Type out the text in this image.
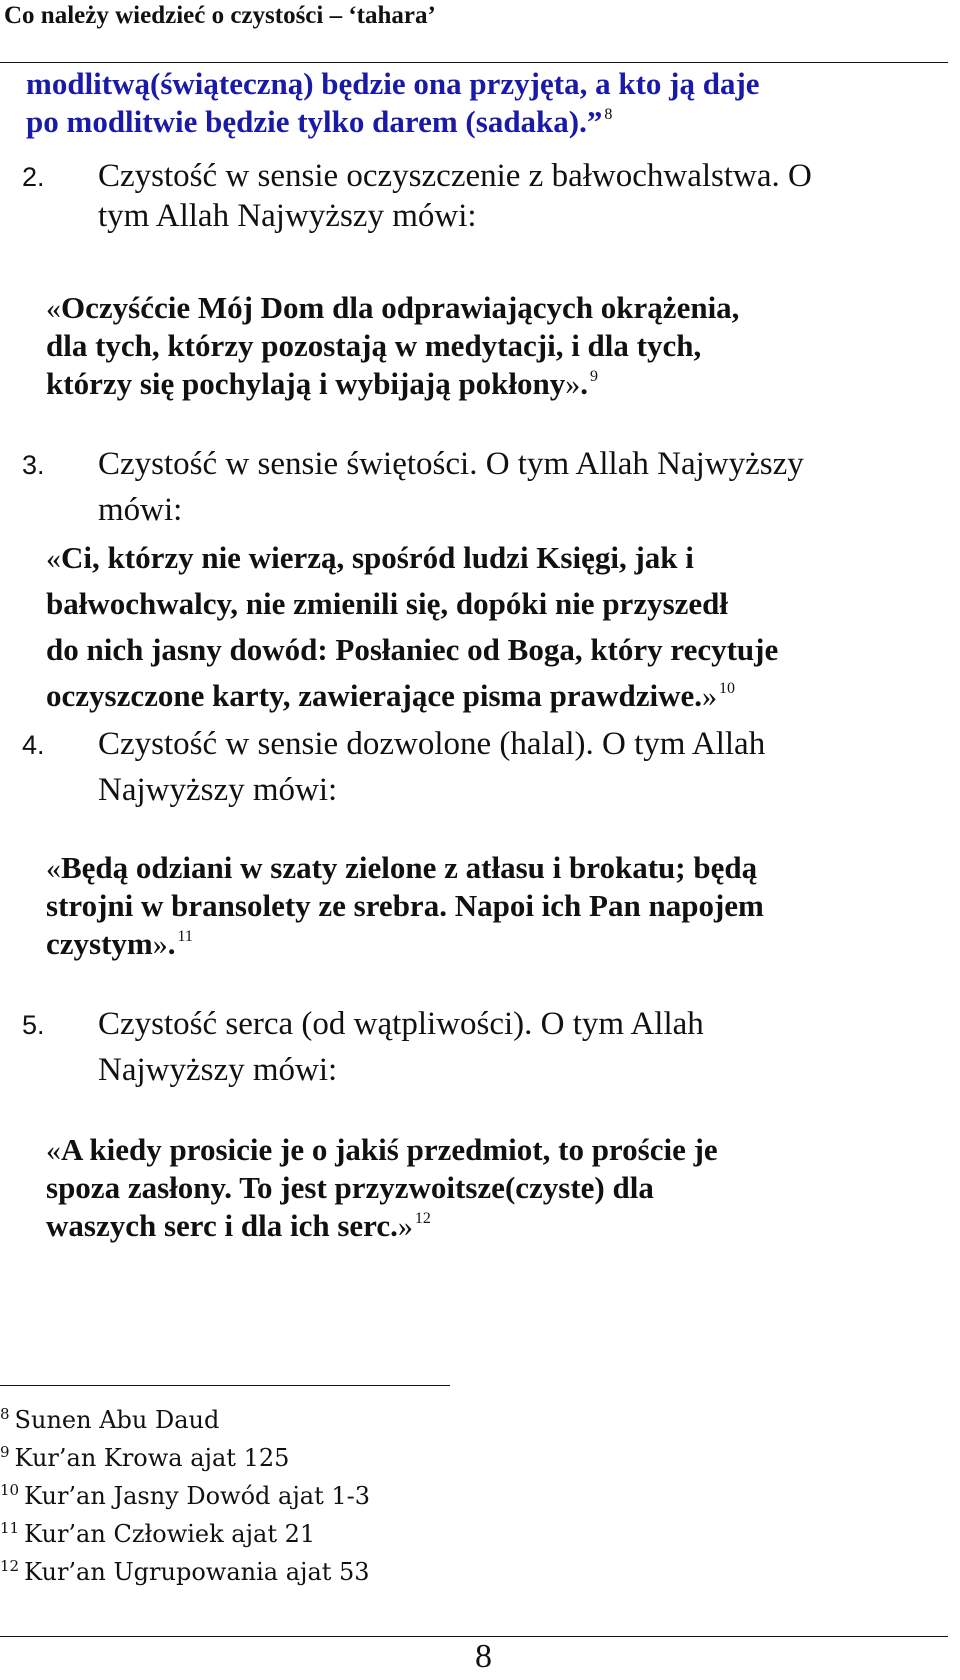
Co należy wiedzieć o czystości – ‘tahara’
modlitwą(świąteczną) będzie ona przyjęta, a kto ją daje
po modlitwie będzie tylko darem (sadaka).” $^8$
2. Czystość w sensie oczyszczenie z bałwochwalstwa. O
tym Allah Najwyższy mówi:
«Oczyśćcie Mój Dom dla odprawiających okrążenia,
dla tych, którzy pozostają w medytacji, i dla tych,
którzy się pochylają i wybijają pokłony». $^9$
3. Czystość w sensie świętości. O tym Allah Najwyższy
mówi:
«Ci, którzy nie wierzą, spośród ludzi Księgi, jak i
bałwochwalcy, nie zmienili się, dopóki nie przyszedł
do nich jasny dowód: Posłaniec od Boga, który recytuje
oczyszczone karty, zawierające pisma prawdziwe.» $^{10}$
4. Czystość w sensie dozwolone (halal). O tym Allah
Najwyższy mówi:
«Będą odziani w szaty zielone z atłasu i brokatu; będą
strojni w bransolety ze srebra. Napoi ich Pan napojem
czystym». $^{11}$
5. Czystość serca (od wątpliwości). O tym Allah
Najwyższy mówi:
«A kiedy prosicie je o jakiś przedmiot, to proście je
spoza zasłony. To jest przyzwoitsze(czyste) dla
waszych serc i dla ich serc.» $^{12}$
$^8$ Sunen Abu Daud
$^9$ Kur’an Krowa ajat 125
$^{10}$ Kur’an Jasny Dowód ajat 1-3
$^{11}$ Kur’an Człowiek ajat 21
$^{12}$ Kur’an Ugrupowania ajat 53
8
